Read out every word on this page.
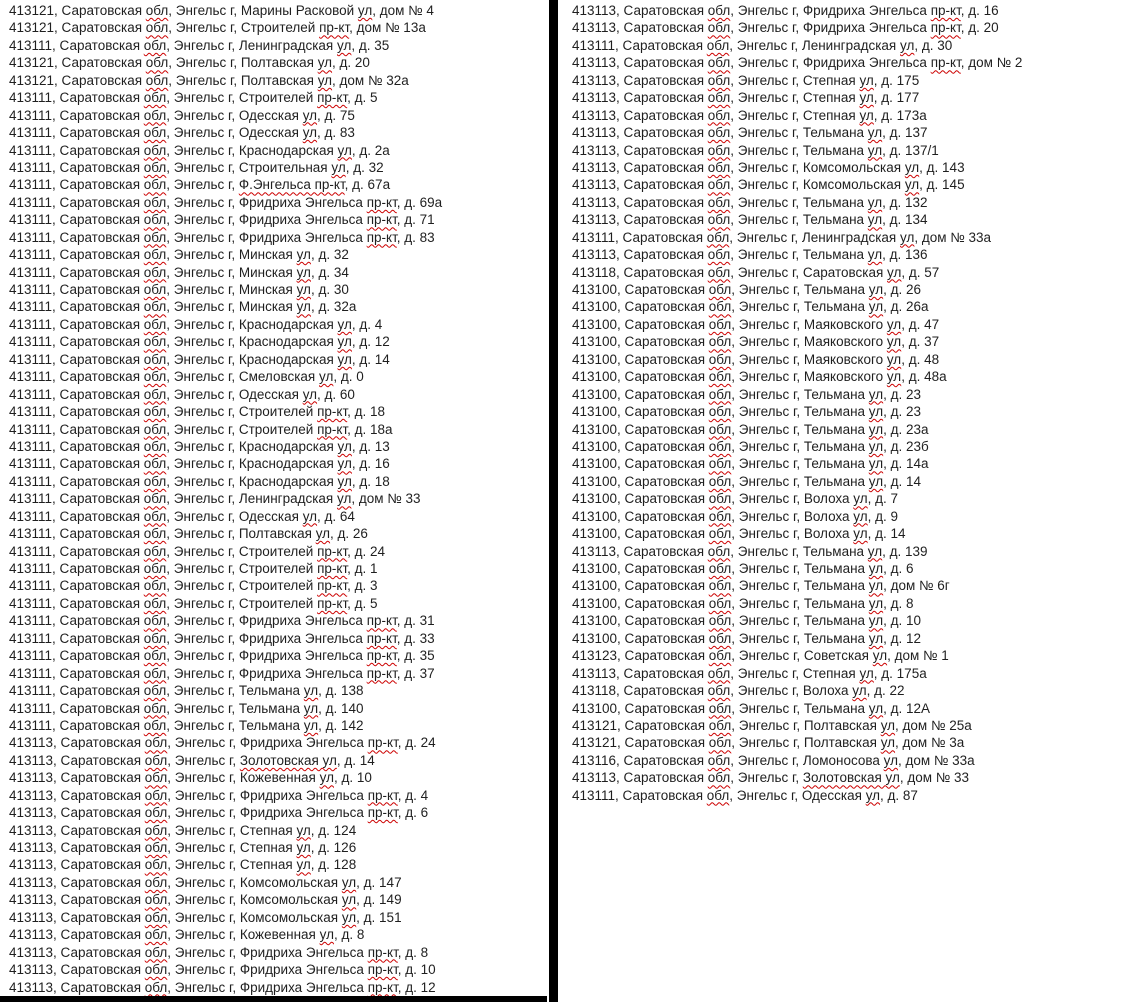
413121, Саратовская обл, Энгельс г, Марины Расковой ул, дом № 4
413121, Саратовская обл, Энгельс г, Строителей пр-кт, дом № 13а
413111, Саратовская обл, Энгельс г, Ленинградская ул, д. 35
413121, Саратовская обл, Энгельс г, Полтавская ул, д. 20
413121, Саратовская обл, Энгельс г, Полтавская ул, дом № 32а
413111, Саратовская обл, Энгельс г, Строителей пр-кт, д. 5
413111, Саратовская обл, Энгельс г, Одесская ул, д. 75
413111, Саратовская обл, Энгельс г, Одесская ул, д. 83
413111, Саратовская обл, Энгельс г, Краснодарская ул, д. 2а
413111, Саратовская обл, Энгельс г, Строительная ул, д. 32
413111, Саратовская обл, Энгельс г, Ф.Энгельса пр-кт, д. 67а
413111, Саратовская обл, Энгельс г, Фридриха Энгельса пр-кт, д. 69а
413111, Саратовская обл, Энгельс г, Фридриха Энгельса пр-кт, д. 71
413111, Саратовская обл, Энгельс г, Фридриха Энгельса пр-кт, д. 83
413111, Саратовская обл, Энгельс г, Минская ул, д. 32
413111, Саратовская обл, Энгельс г, Минская ул, д. 34
413111, Саратовская обл, Энгельс г, Минская ул, д. 30
413111, Саратовская обл, Энгельс г, Минская ул, д. 32а
413111, Саратовская обл, Энгельс г, Краснодарская ул, д. 4
413111, Саратовская обл, Энгельс г, Краснодарская ул, д. 12
413111, Саратовская обл, Энгельс г, Краснодарская ул, д. 14
413111, Саратовская обл, Энгельс г, Смеловская ул, д. 0
413111, Саратовская обл, Энгельс г, Одесская ул, д. 60
413111, Саратовская обл, Энгельс г, Строителей пр-кт, д. 18
413111, Саратовская обл, Энгельс г, Строителей пр-кт, д. 18а
413111, Саратовская обл, Энгельс г, Краснодарская ул, д. 13
413111, Саратовская обл, Энгельс г, Краснодарская ул, д. 16
413111, Саратовская обл, Энгельс г, Краснодарская ул, д. 18
413111, Саратовская обл, Энгельс г, Ленинградская ул, дом № 33
413111, Саратовская обл, Энгельс г, Одесская ул, д. 64
413111, Саратовская обл, Энгельс г, Полтавская ул, д. 26
413111, Саратовская обл, Энгельс г, Строителей пр-кт, д. 24
413111, Саратовская обл, Энгельс г, Строителей пр-кт, д. 1
413111, Саратовская обл, Энгельс г, Строителей пр-кт, д. 3
413111, Саратовская обл, Энгельс г, Строителей пр-кт, д. 5
413111, Саратовская обл, Энгельс г, Фридриха Энгельса пр-кт, д. 31
413111, Саратовская обл, Энгельс г, Фридриха Энгельса пр-кт, д. 33
413111, Саратовская обл, Энгельс г, Фридриха Энгельса пр-кт, д. 35
413111, Саратовская обл, Энгельс г, Фридриха Энгельса пр-кт, д. 37
413111, Саратовская обл, Энгельс г, Тельмана ул, д. 138
413111, Саратовская обл, Энгельс г, Тельмана ул, д. 140
413111, Саратовская обл, Энгельс г, Тельмана ул, д. 142
413113, Саратовская обл, Энгельс г, Фридриха Энгельса пр-кт, д. 24
413113, Саратовская обл, Энгельс г, Золотовская ул, д. 14
413113, Саратовская обл, Энгельс г, Кожевенная ул, д. 10
413113, Саратовская обл, Энгельс г, Фридриха Энгельса пр-кт, д. 4
413113, Саратовская обл, Энгельс г, Фридриха Энгельса пр-кт, д. 6
413113, Саратовская обл, Энгельс г, Степная ул, д. 124
413113, Саратовская обл, Энгельс г, Степная ул, д. 126
413113, Саратовская обл, Энгельс г, Степная ул, д. 128
413113, Саратовская обл, Энгельс г, Комсомольская ул, д. 147
413113, Саратовская обл, Энгельс г, Комсомольская ул, д. 149
413113, Саратовская обл, Энгельс г, Комсомольская ул, д. 151
413113, Саратовская обл, Энгельс г, Кожевенная ул, д. 8
413113, Саратовская обл, Энгельс г, Фридриха Энгельса пр-кт, д. 8
413113, Саратовская обл, Энгельс г, Фридриха Энгельса пр-кт, д. 10
413113, Саратовская обл, Энгельс г, Фридриха Энгельса пр-кт, д. 12
413113, Саратовская обл, Энгельс г, Фридриха Энгельса пр-кт, д. 16
413113, Саратовская обл, Энгельс г, Фридриха Энгельса пр-кт, д. 20
413111, Саратовская обл, Энгельс г, Ленинградская ул, д. 30
413113, Саратовская обл, Энгельс г, Фридриха Энгельса пр-кт, дом № 2
413113, Саратовская обл, Энгельс г, Степная ул, д. 175
413113, Саратовская обл, Энгельс г, Степная ул, д. 177
413113, Саратовская обл, Энгельс г, Степная ул, д. 173а
413113, Саратовская обл, Энгельс г, Тельмана ул, д. 137
413113, Саратовская обл, Энгельс г, Тельмана ул, д. 137/1
413113, Саратовская обл, Энгельс г, Комсомольская ул, д. 143
413113, Саратовская обл, Энгельс г, Комсомольская ул, д. 145
413113, Саратовская обл, Энгельс г, Тельмана ул, д. 132
413113, Саратовская обл, Энгельс г, Тельмана ул, д. 134
413111, Саратовская обл, Энгельс г, Ленинградская ул, дом № 33а
413113, Саратовская обл, Энгельс г, Тельмана ул, д. 136
413118, Саратовская обл, Энгельс г, Саратовская ул, д. 57
413100, Саратовская обл, Энгельс г, Тельмана ул, д. 26
413100, Саратовская обл, Энгельс г, Тельмана ул, д. 26а
413100, Саратовская обл, Энгельс г, Маяковского ул, д. 47
413100, Саратовская обл, Энгельс г, Маяковского ул, д. 37
413100, Саратовская обл, Энгельс г, Маяковского ул, д. 48
413100, Саратовская обл, Энгельс г, Маяковского ул, д. 48а
413100, Саратовская обл, Энгельс г, Тельмана ул, д. 23
413100, Саратовская обл, Энгельс г, Тельмана ул, д. 23
413100, Саратовская обл, Энгельс г, Тельмана ул, д. 23а
413100, Саратовская обл, Энгельс г, Тельмана ул, д. 23б
413100, Саратовская обл, Энгельс г, Тельмана ул, д. 14а
413100, Саратовская обл, Энгельс г, Тельмана ул, д. 14
413100, Саратовская обл, Энгельс г, Волоха ул, д. 7
413100, Саратовская обл, Энгельс г, Волоха ул, д. 9
413100, Саратовская обл, Энгельс г, Волоха ул, д. 14
413113, Саратовская обл, Энгельс г, Тельмана ул, д. 139
413100, Саратовская обл, Энгельс г, Тельмана ул, д. 6
413100, Саратовская обл, Энгельс г, Тельмана ул, дом № 6г
413100, Саратовская обл, Энгельс г, Тельмана ул, д. 8
413100, Саратовская обл, Энгельс г, Тельмана ул, д. 10
413100, Саратовская обл, Энгельс г, Тельмана ул, д. 12
413123, Саратовская обл, Энгельс г, Советская ул, дом № 1
413113, Саратовская обл, Энгельс г, Степная ул, д. 175а
413118, Саратовская обл, Энгельс г, Волоха ул, д. 22
413100, Саратовская обл, Энгельс г, Тельмана ул, д. 12А
413121, Саратовская обл, Энгельс г, Полтавская ул, дом № 25а
413121, Саратовская обл, Энгельс г, Полтавская ул, дом № 3а
413116, Саратовская обл, Энгельс г, Ломоносова ул, дом № 33а
413113, Саратовская обл, Энгельс г, Золотовская ул, дом № 33
413111, Саратовская обл, Энгельс г, Одесская ул, д. 87
